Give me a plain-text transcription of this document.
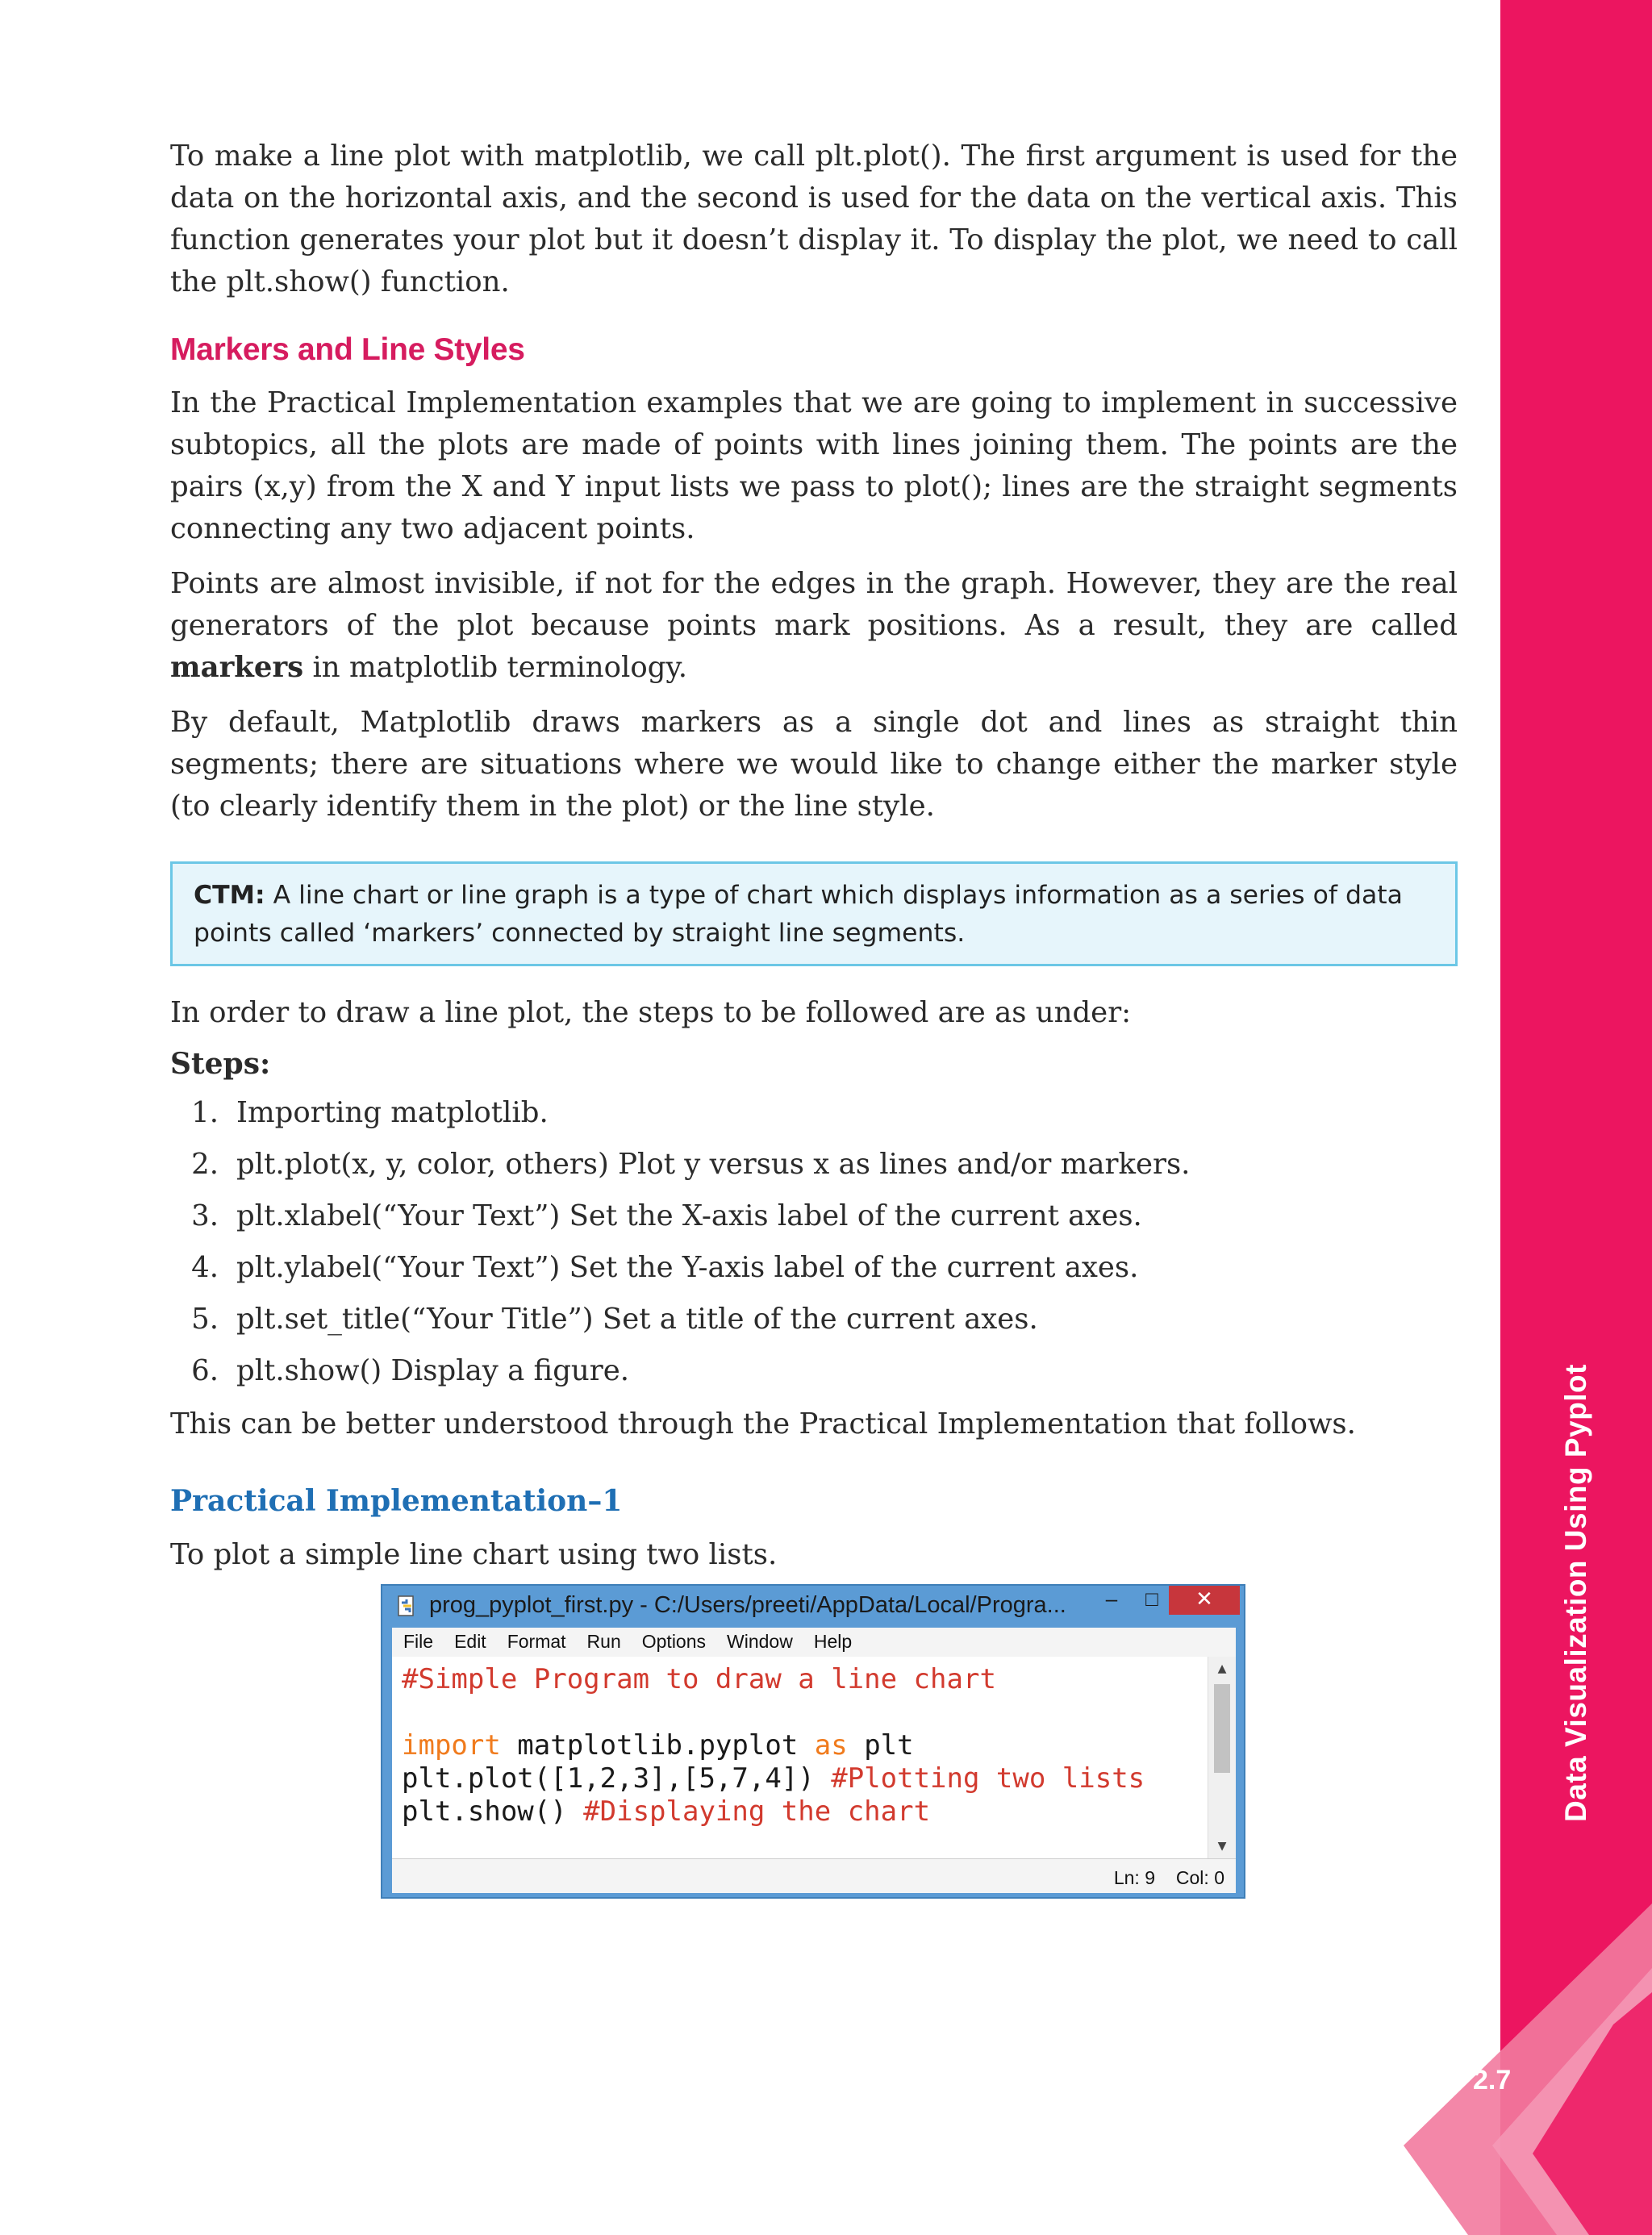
Data Visualization Using Pyplot
2.7

To make a line plot with matplotlib, we call plt.plot(). The first argument is used for the data on the horizontal axis, and the second is used for the data on the vertical axis. This function generates your plot but it doesn’t display it. To display the plot, we need to call the plt.show() function.

Markers and Line Styles

In the Practical Implementation examples that we are going to implement in successive subtopics, all the plots are made of points with lines joining them. The points are the pairs (x,y) from the X and Y input lists we pass to plot(); lines are the straight segments connecting any two adjacent points.

Points are almost invisible, if not for the edges in the graph. However, they are the real generators of the plot because points mark positions. As a result, they are called markers in matplotlib terminology.

By default, Matplotlib draws markers as a single dot and lines as straight thin segments; there are situations where we would like to change either the marker style (to clearly identify them in the plot) or the line style.

CTM: A line chart or line graph is a type of chart which displays information as a series of data points called ‘markers’ connected by straight line segments.

In order to draw a line plot, the steps to be followed are as under:

Steps:
1. Importing matplotlib.
2. plt.plot(x, y, color, others) Plot y versus x as lines and/or markers.
3. plt.xlabel(“Your Text”) Set the X-axis label of the current axes.
4. plt.ylabel(“Your Text”) Set the Y-axis label of the current axes.
5. plt.set_title(“Your Title”) Set a title of the current axes.
6. plt.show() Display a figure.

This can be better understood through the Practical Implementation that follows.

Practical Implementation–1

To plot a simple line chart using two lists.

prog_pyplot_first.py - C:/Users/preeti/AppData/Local/Progra...	–	□	✕
File Edit Format Run Options Window Help
#Simple Program to draw a line chart

import matplotlib.pyplot as plt
plt.plot([1,2,3],[5,7,4]) #Plotting two lists
plt.show() #Displaying the chart
▲
▼
Ln: 9 Col: 0
